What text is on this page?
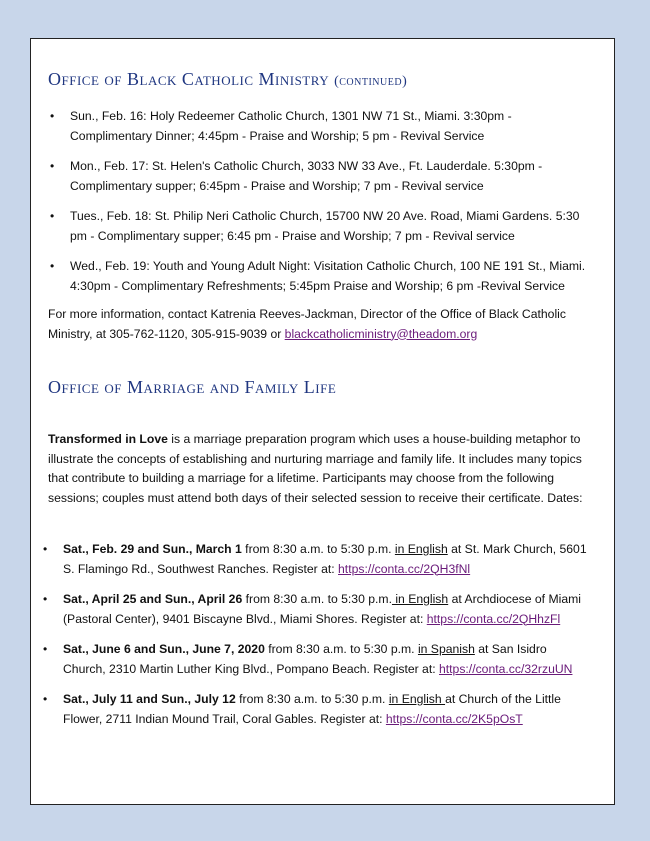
Office of Black Catholic Ministry (continued)
• Sun., Feb. 16: Holy Redeemer Catholic Church, 1301 NW 71 St., Miami. 3:30pm - Complimentary Dinner; 4:45pm - Praise and Worship; 5 pm - Revival Service
• Mon., Feb. 17: St. Helen's Catholic Church, 3033 NW 33 Ave., Ft. Lauderdale. 5:30pm - Complimentary supper; 6:45pm - Praise and Worship; 7 pm - Revival service
• Tues., Feb. 18: St. Philip Neri Catholic Church, 15700 NW 20 Ave. Road, Miami Gardens. 5:30 pm - Complimentary supper; 6:45 pm - Praise and Worship; 7 pm - Revival service
• Wed., Feb. 19: Youth and Young Adult Night: Visitation Catholic Church, 100 NE 191 St., Miami. 4:30pm - Complimentary Refreshments; 5:45pm Praise and Worship; 6 pm -Revival Service

For more information, contact Katrenia Reeves-Jackman, Director of the Office of Black Catholic Ministry, at 305-762-1120, 305-915-9039 or blackcatholicministry@theadom.org

Office of Marriage and Family Life

Transformed in Love is a marriage preparation program which uses a house-building metaphor to illustrate the concepts of establishing and nurturing marriage and family life. It includes many topics that contribute to building a marriage for a lifetime. Participants may choose from the following sessions; couples must attend both days of their selected session to receive their certificate. Dates:

• Sat., Feb. 29 and Sun., March 1 from 8:30 a.m. to 5:30 p.m. in English at St. Mark Church, 5601 S. Flamingo Rd., Southwest Ranches. Register at: https://conta.cc/2QH3fNl
• Sat., April 25 and Sun., April 26 from 8:30 a.m. to 5:30 p.m. in English at Archdiocese of Miami (Pastoral Center), 9401 Biscayne Blvd., Miami Shores. Register at: https://conta.cc/2QHhzFl
• Sat., June 6 and Sun., June 7, 2020 from 8:30 a.m. to 5:30 p.m. in Spanish at San Isidro Church, 2310 Martin Luther King Blvd., Pompano Beach. Register at: https://conta.cc/32rzuUN
• Sat., July 11 and Sun., July 12 from 8:30 a.m. to 5:30 p.m. in English at Church of the Little Flower, 2711 Indian Mound Trail, Coral Gables. Register at: https://conta.cc/2K5pOsT
